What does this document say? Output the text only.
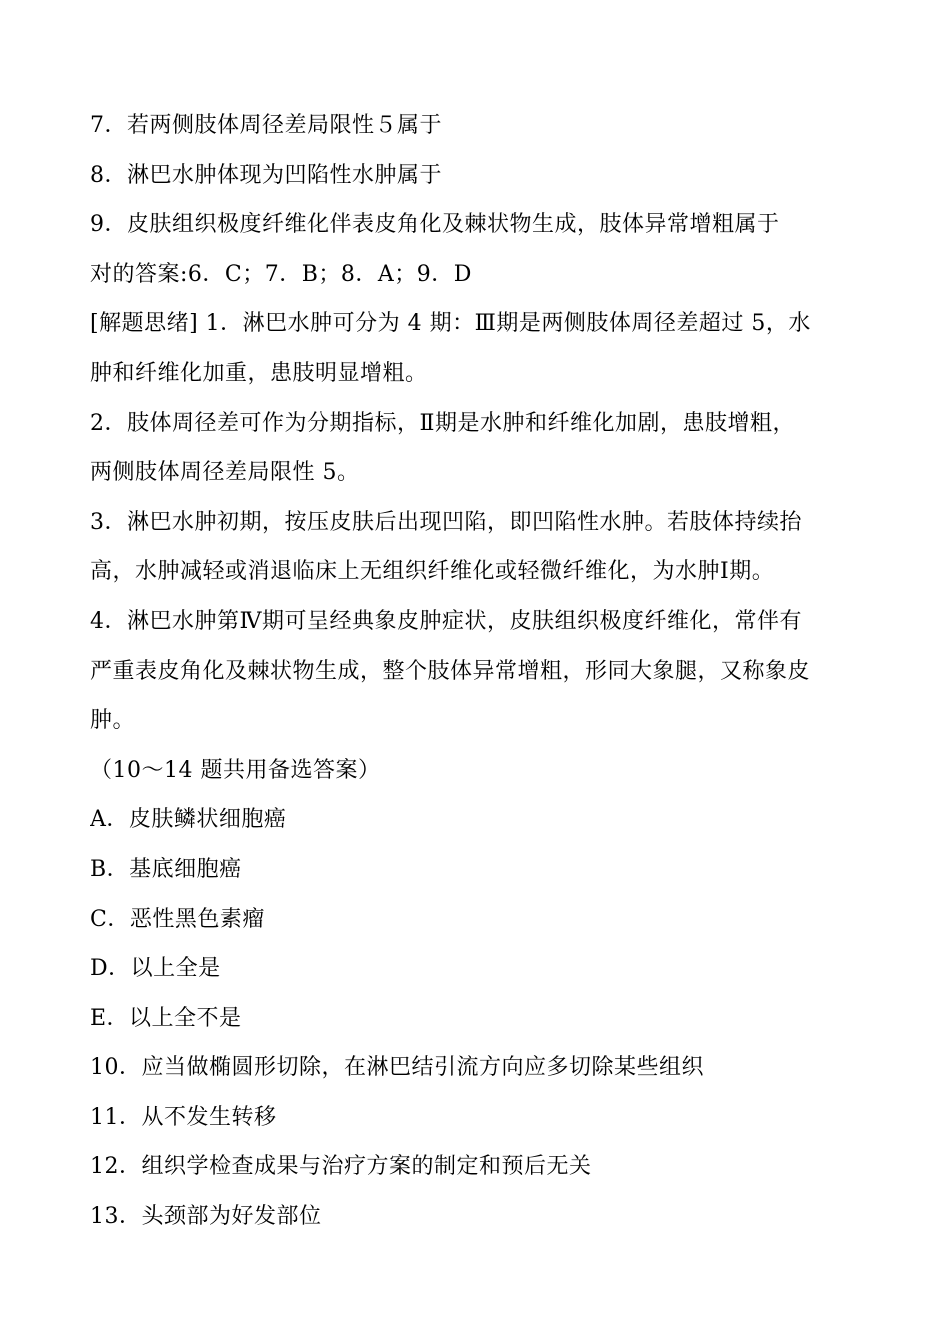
7．若两侧肢体周径差局限性５属于
8．淋巴水肿体现为凹陷性水肿属于
9．皮肤组织极度纤维化伴表皮角化及棘状物生成，肢体异常增粗属于
对的答案:6．C；7．B；8．A；9．D
[解题思绪] 1．淋巴水肿可分为 4 期：Ⅲ期是两侧肢体周径差超过 5，水
肿和纤维化加重，患肢明显增粗。
2．肢体周径差可作为分期指标，Ⅱ期是水肿和纤维化加剧，患肢增粗，
两侧肢体周径差局限性 5。
3．淋巴水肿初期，按压皮肤后出现凹陷，即凹陷性水肿。若肢体持续抬
高，水肿减轻或消退临床上无组织纤维化或轻微纤维化，为水肿Ⅰ期。
4．淋巴水肿第Ⅳ期可呈经典象皮肿症状，皮肤组织极度纤维化，常伴有
严重表皮角化及棘状物生成，整个肢体异常增粗，形同大象腿，又称象皮
肿。
（10～14 题共用备选答案）
A．皮肤鳞状细胞癌
B．基底细胞癌
C．恶性黑色素瘤
D．以上全是
E．以上全不是
10．应当做椭圆形切除，在淋巴结引流方向应多切除某些组织
11．从不发生转移
12．组织学检查成果与治疗方案的制定和预后无关
13．头颈部为好发部位
